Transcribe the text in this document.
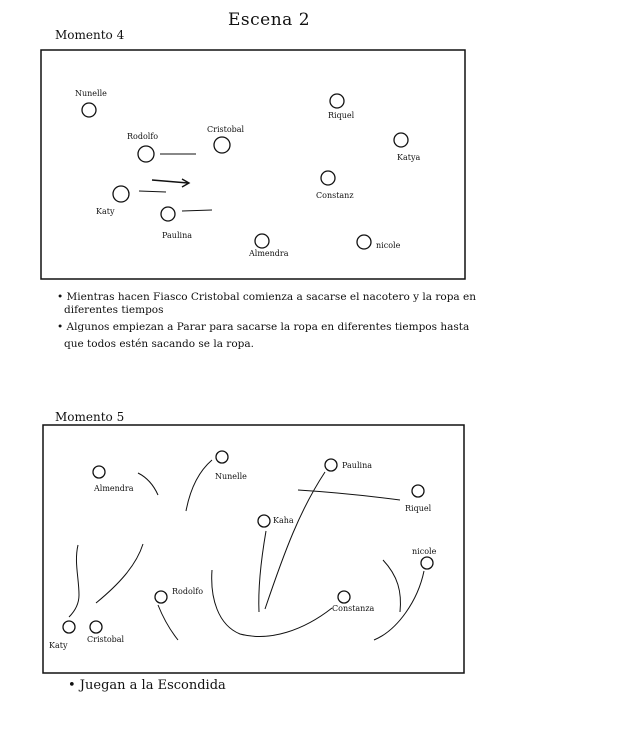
Escena 2
Momento 4
Momento 5
Nunelle
Riquel
Rodolfo
Cristobal
Katya
Constanz
Katy
Paulina
Almendra
nicole
Almendra
Nunelle
Paulina
Riquel
Kaha
nicole
Rodolfo
Constanza
Katy
Cristobal
• Mientras hacen Fiasco Cristobal comienza a sacarse el nacotero y la ropa en
diferentes tiempos
• Algunos empiezan a Parar para sacarse la ropa en diferentes tiempos hasta
que todos estén sacando se la ropa.
• Juegan a la Escondida
